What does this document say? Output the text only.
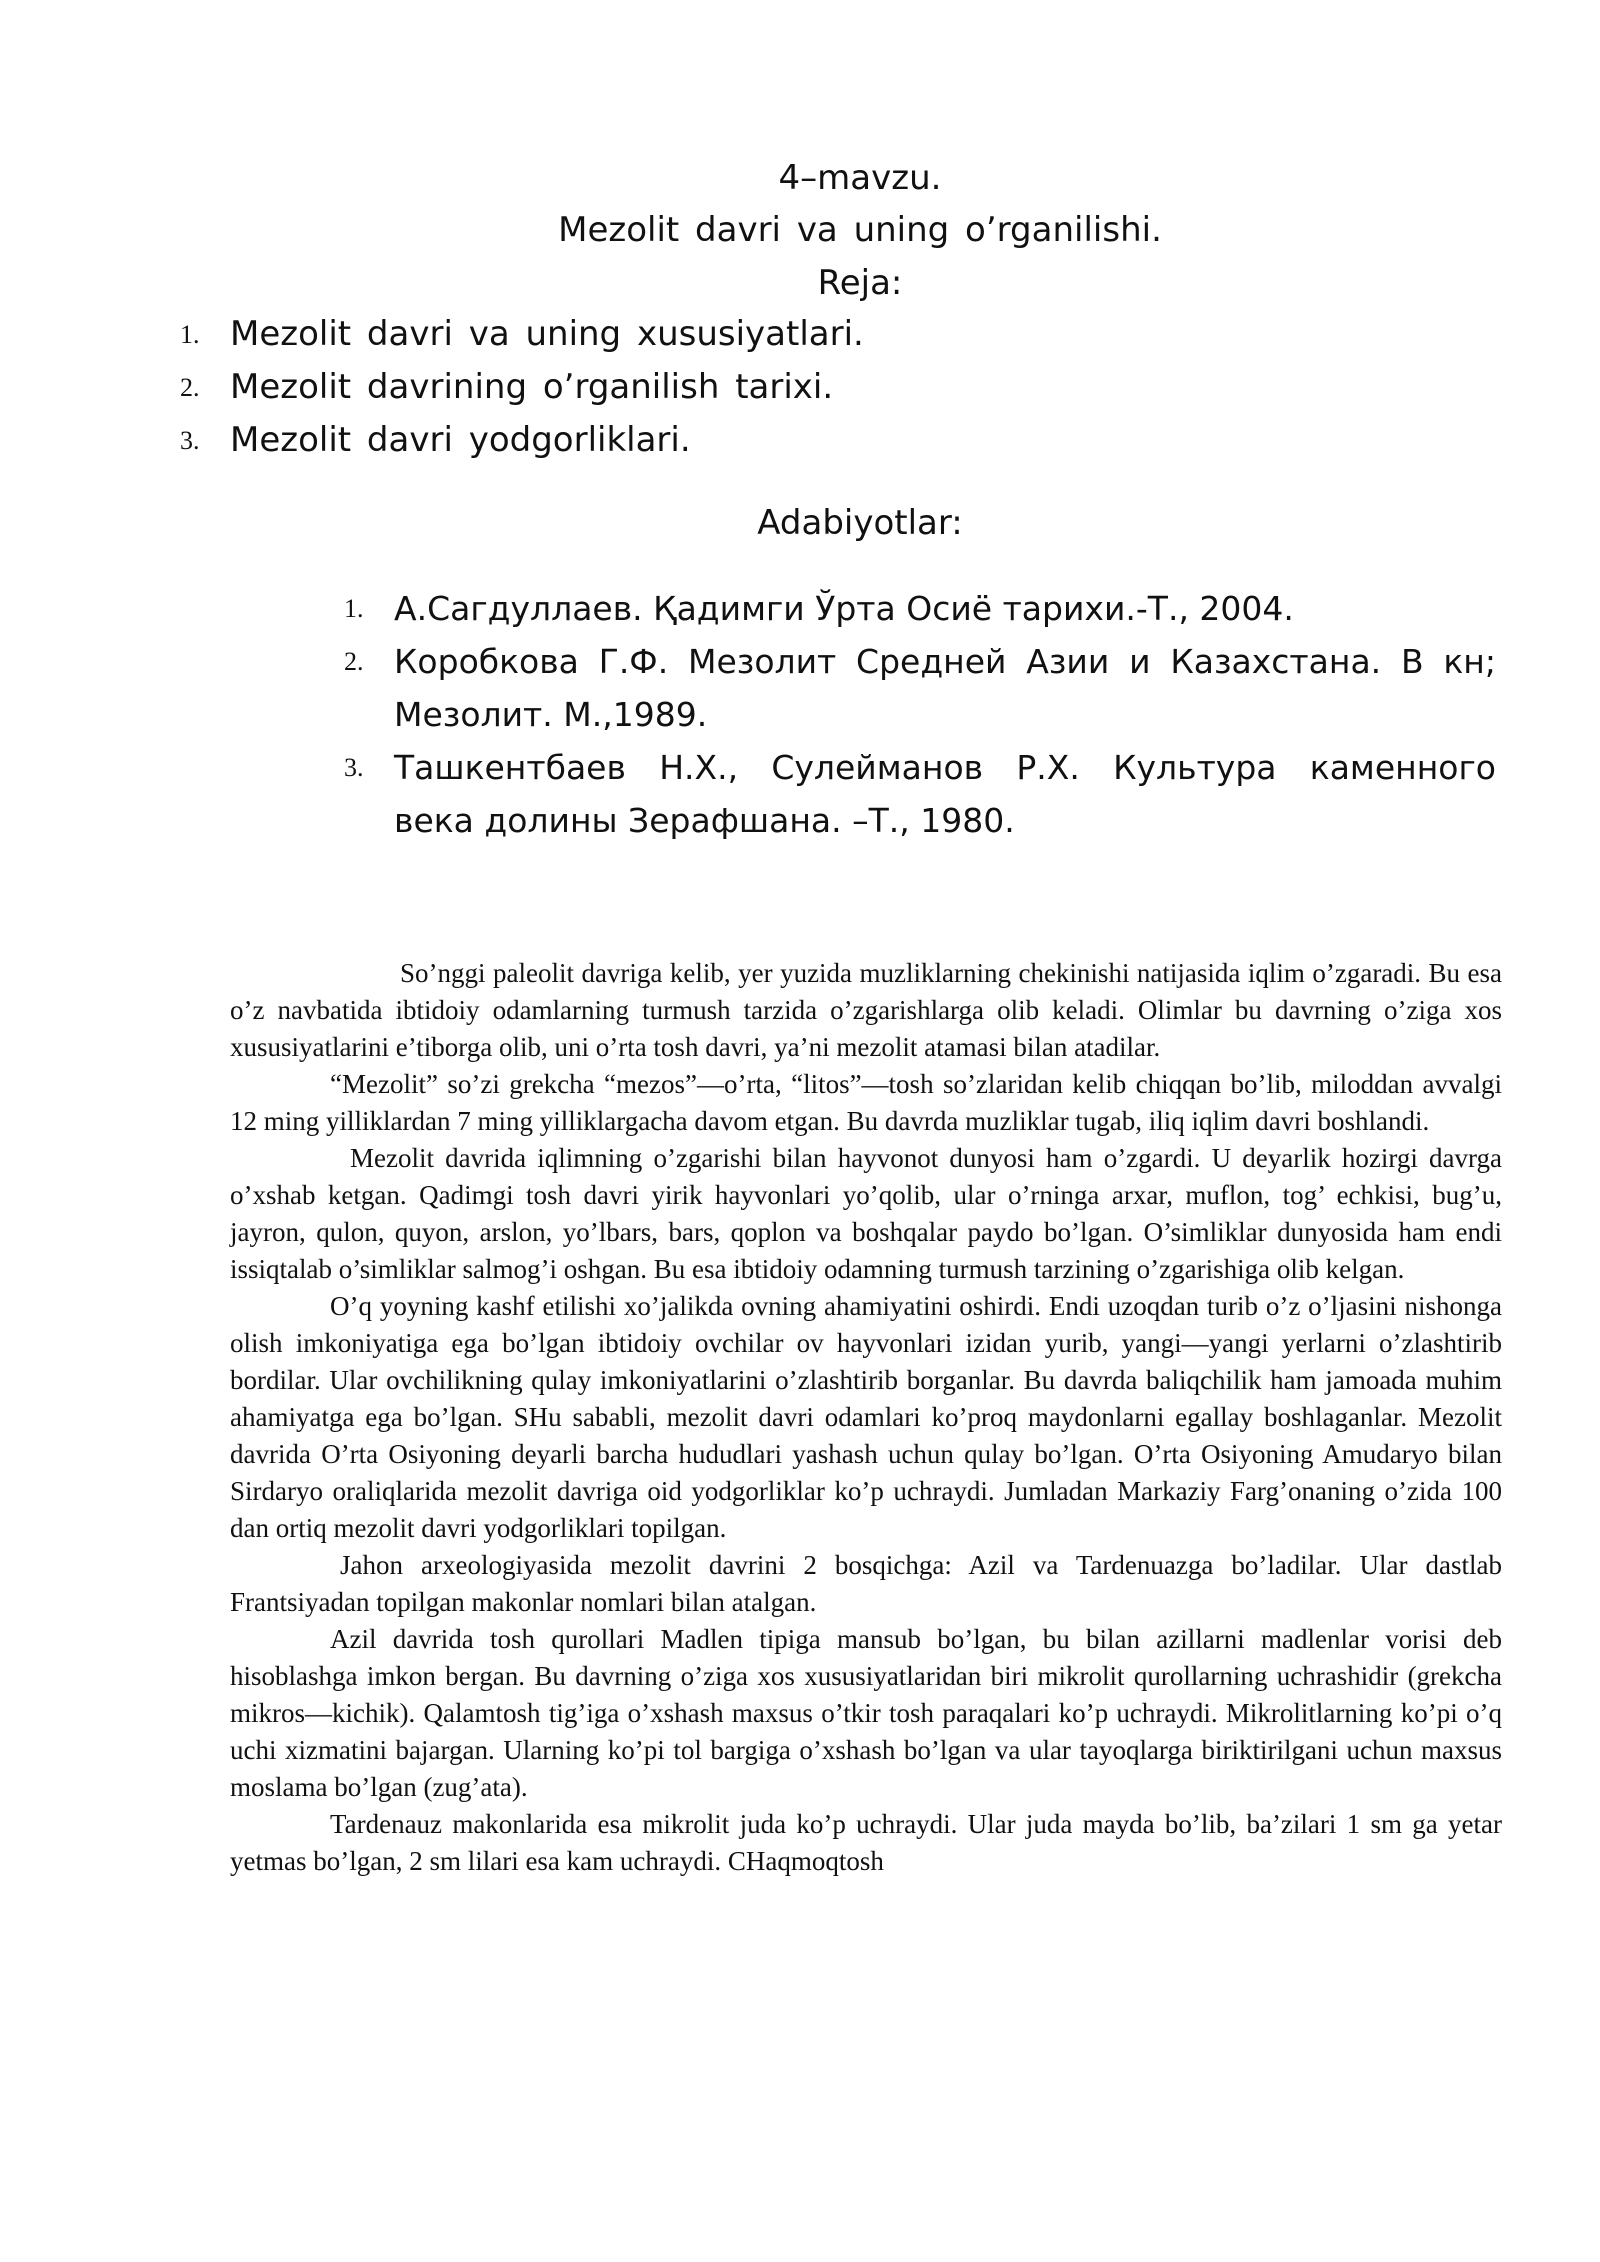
4–mavzu.
Mezolit davri va uning o’rganilishi.
Reja:
1. Mezolit davri va uning xususiyatlari.
2. Mezolit davrining o’rganilish tarixi.
3. Mezolit davri yodgorliklari.
Adabiyotlar:
1. А.Сагдуллаев. Қадимги Ўрта Осиё тарихи.-Т., 2004.
2. Коробкова Г.Ф. Мезолит Средней Азии и Казахстана. В кн;
Мезолит. М.,1989.
3. Ташкентбаев Н.Х., Сулейманов Р.Х. Культура каменного
века долины Зерафшана. –Т., 1980.

So’nggi paleolit davriga kelib, yer yuzida muzliklarning chekinishi natijasida iqlim o’zgaradi. Bu esa o’z navbatida ibtidoiy odamlarning turmush tarzida o’zgarishlarga olib keladi. Olimlar bu davrning o’ziga xos xususiyatlarini e’tiborga olib, uni o’rta tosh davri, ya’ni mezolit atamasi bilan atadilar.

“Mezolit” so’zi grekcha “mezos”—o’rta, “litos”—tosh so’zlaridan kelib chiqqan bo’lib, miloddan avvalgi 12 ming yilliklardan 7 ming yilliklargacha davom etgan. Bu davrda muzliklar tugab, iliq iqlim davri boshlandi.

Mezolit davrida iqlimning o’zgarishi bilan hayvonot dunyosi ham o’zgardi. U deyarlik hozirgi davrga o’xshab ketgan. Qadimgi tosh davri yirik hayvonlari yo’qolib, ular o’rninga arxar, muflon, tog’ echkisi, bug’u, jayron, qulon, quyon, arslon, yo’lbars, bars, qoplon va boshqalar paydo bo’lgan. O’simliklar dunyosida ham endi issiqtalab o’simliklar salmog’i oshgan. Bu esa ibtidoiy odamning turmush tarzining o’zgarishiga olib kelgan.

O’q yoyning kashf etilishi xo’jalikda ovning ahamiyatini oshirdi. Endi uzoqdan turib o’z o’ljasini nishonga olish imkoniyatiga ega bo’lgan ibtidoiy ovchilar ov hayvonlari izidan yurib, yangi—yangi yerlarni o’zlashtirib bordilar. Ular ovchilikning qulay imkoniyatlarini o’zlashtirib borganlar. Bu davrda baliqchilik ham jamoada muhim ahamiyatga ega bo’lgan. SHu sababli, mezolit davri odamlari ko’proq maydonlarni egallay boshlaganlar. Mezolit davrida O’rta Osiyoning deyarli barcha hududlari yashash uchun qulay bo’lgan. O’rta Osiyoning Amudaryo bilan Sirdaryo oraliqlarida mezolit davriga oid yodgorliklar ko’p uchraydi. Jumladan Markaziy Farg’onaning o’zida 100 dan ortiq mezolit davri yodgorliklari topilgan.

Jahon arxeologiyasida mezolit davrini 2 bosqichga: Azil va Tardenuazga bo’ladilar. Ular dastlab Frantsiyadan topilgan makonlar nomlari bilan atalgan.

Azil davrida tosh qurollari Madlen tipiga mansub bo’lgan, bu bilan azillarni madlenlar vorisi deb hisoblashga imkon bergan. Bu davrning o’ziga xos xususiyatlaridan biri mikrolit qurollarning uchrashidir (grekcha mikros—kichik). Qalamtosh tig’iga o’xshash maxsus o’tkir tosh paraqalari ko’p uchraydi. Mikrolitlarning ko’pi o’q uchi xizmatini bajargan. Ularning ko’pi tol bargiga o’xshash bo’lgan va ular tayoqlarga biriktirilgani uchun maxsus moslama bo’lgan (zug’ata).

Tardenauz makonlarida esa mikrolit juda ko’p uchraydi. Ular juda mayda bo’lib, ba’zilari 1 sm ga yetar yetmas bo’lgan, 2 sm lilari esa kam uchraydi. CHaqmoqtosh
